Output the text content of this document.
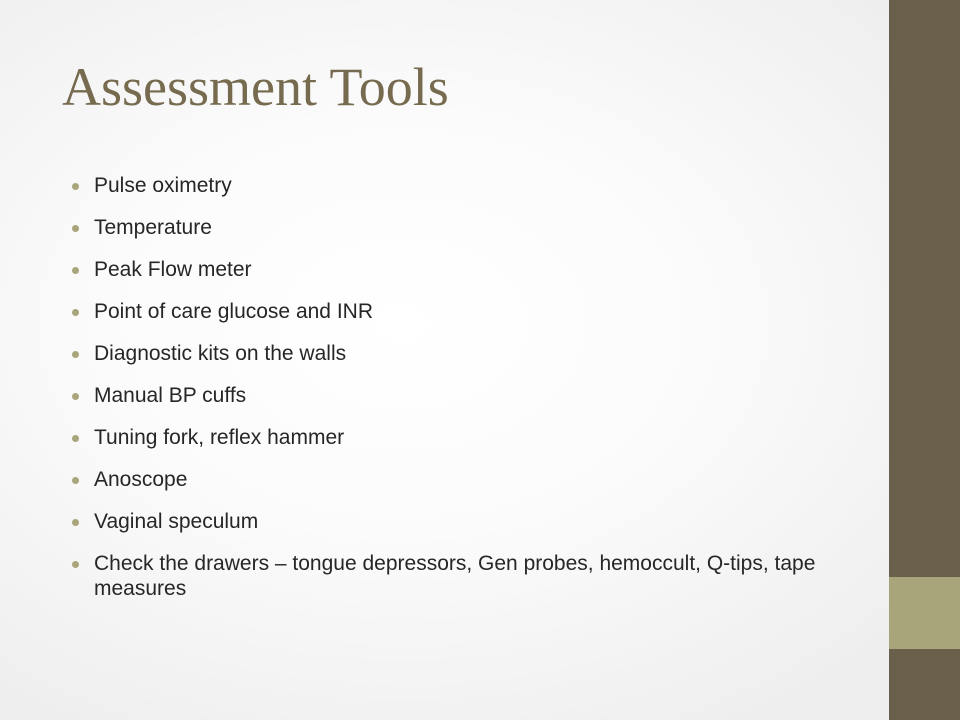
Assessment Tools
Pulse oximetry
Temperature
Peak Flow meter
Point of care glucose and INR
Diagnostic kits on the walls
Manual BP cuffs
Tuning fork, reflex hammer
Anoscope
Vaginal speculum
Check the drawers – tongue depressors, Gen probes, hemoccult, Q-tips, tape measures
